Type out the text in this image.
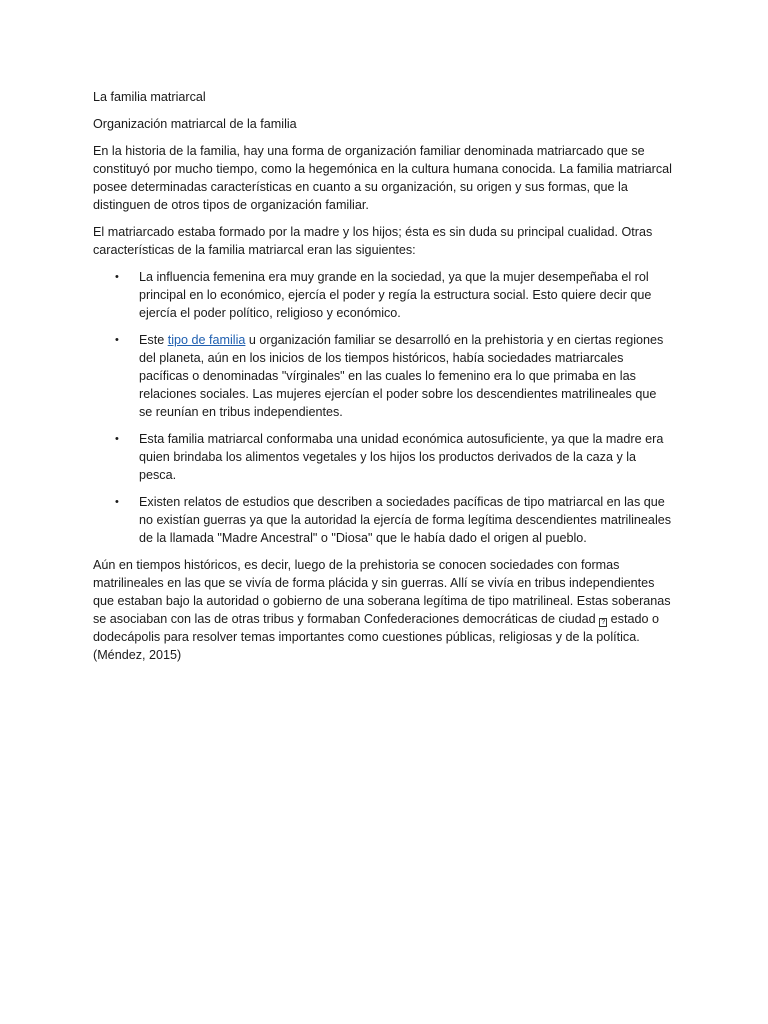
La familia matriarcal

Organización matriarcal de la familia

En la historia de la familia, hay una forma de organización familiar denominada matriarcado que se constituyó por mucho tiempo, como la hegemónica en la cultura humana conocida. La familia matriarcal posee determinadas características en cuanto a su organización, su origen y sus formas, que la distinguen de otros tipos de organización familiar.

El matriarcado estaba formado por la madre y los hijos; ésta es sin duda su principal cualidad. Otras características de la familia matriarcal eran las siguientes:

• La influencia femenina era muy grande en la sociedad, ya que la mujer desempeñaba el rol principal en lo económico, ejercía el poder y regía la estructura social. Esto quiere decir que ejercía el poder político, religioso y económico.
• Este tipo de familia u organización familiar se desarrolló en la prehistoria y en ciertas regiones del planeta, aún en los inicios de los tiempos históricos, había sociedades matriarcales pacíficas o denominadas "vírginales" en las cuales lo femenino era lo que primaba en las relaciones sociales. Las mujeres ejercían el poder sobre los descendientes matrilineales que se reunían en tribus independientes.
• Esta familia matriarcal conformaba una unidad económica autosuficiente, ya que la madre era quien brindaba los alimentos vegetales y los hijos los productos derivados de la caza y la pesca.
• Existen relatos de estudios que describen a sociedades pacíficas de tipo matriarcal en las que no existían guerras ya que la autoridad la ejercía de forma legítima descendientes matrilineales de la llamada "Madre Ancestral" o "Diosa" que le había dado el origen al pueblo.

Aún en tiempos históricos, es decir, luego de la prehistoria se conocen sociedades con formas matrilineales en las que se vivía de forma plácida y sin guerras. Allí se vivía en tribus independientes que estaban bajo la autoridad o gobierno de una soberana legítima de tipo matrilineal. Estas soberanas se asociaban con las de otras tribus y formaban Confederaciones democráticas de ciudad ? estado o dodecápolis para resolver temas importantes como cuestiones públicas, religiosas y de la política. (Méndez, 2015)
